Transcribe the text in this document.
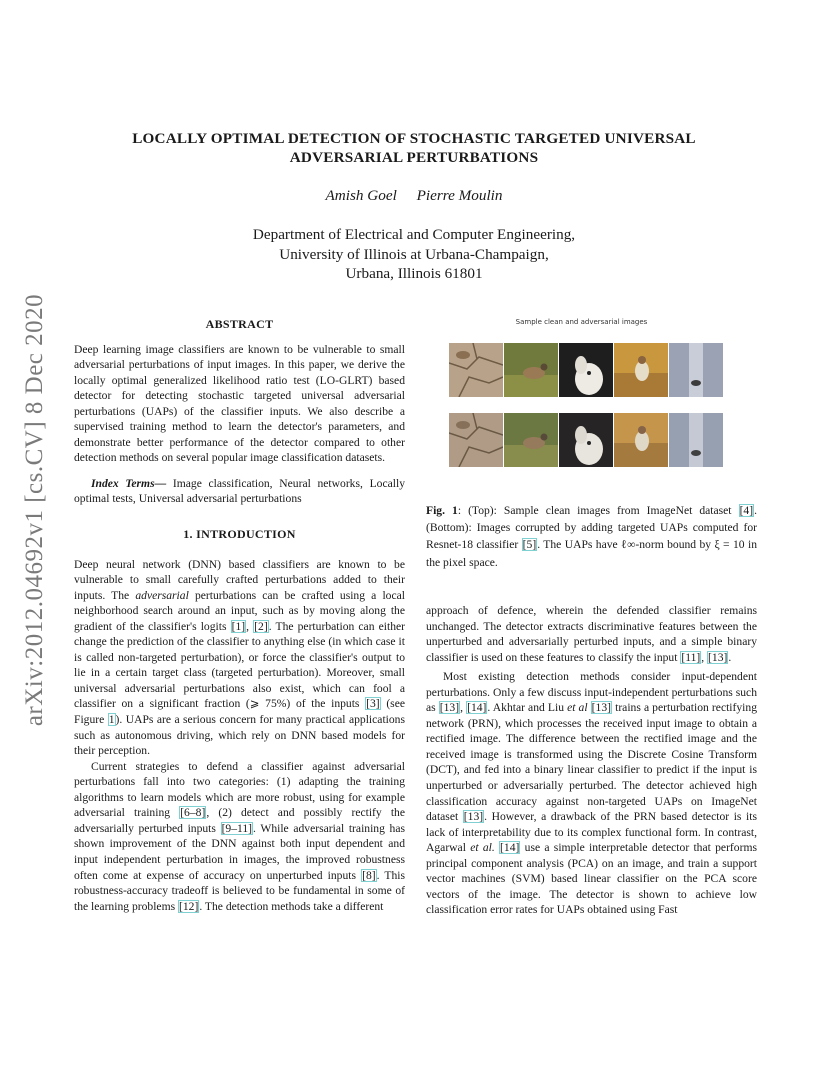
arXiv:2012.04692v1 [cs.CV] 8 Dec 2020
LOCALLY OPTIMAL DETECTION OF STOCHASTIC TARGETED UNIVERSAL
ADVERSARIAL PERTURBATIONS
Amish Goel Pierre Moulin
Department of Electrical and Computer Engineering,
University of Illinois at Urbana-Champaign,
Urbana, Illinois 61801
ABSTRACT

Deep learning image classifiers are known to be vulnerable to small adversarial perturbations of input images. In this paper, we derive the locally optimal generalized likelihood ratio test (LO-GLRT) based detector for detecting stochastic targeted universal adversarial perturbations (UAPs) of the classifier inputs. We also describe a supervised training method to learn the detector's parameters, and demonstrate better performance of the detector compared to other detection methods on several popular image classification datasets.

Index Terms— Image classification, Neural networks, Locally optimal tests, Universal adversarial perturbations

1. INTRODUCTION

Deep neural network (DNN) based classifiers are known to be vulnerable to small carefully crafted perturbations added to their inputs. The adversarial perturbations can be crafted using a local neighborhood search around an input, such as by moving along the gradient of the classifier's logits [1], [2]. The perturbation can either change the prediction of the classifier to anything else (in which case it is called non-targeted perturbation), or force the classifier's output to lie in a certain target class (targeted perturbation). Moreover, small universal adversarial perturbations also exist, which can fool a classifier on a significant fraction (⩾ 75%) of the inputs [3] (see Figure 1). UAPs are a serious concern for many practical applications such as autonomous driving, which rely on DNN based models for their perception.

Current strategies to defend a classifier against adversarial perturbations fall into two categories: (1) adapting the training algorithms to learn models which are more robust, using for example adversarial training [6–8], (2) detect and possibly rectify the adversarially perturbed inputs [9–11]. While adversarial training has shown improvement of the DNN against both input dependent and input independent perturbation in images, the improved robustness often come at expense of accuracy on unperturbed inputs [8]. This robustness-accuracy tradeoff is believed to be fundamental in some of the learning problems [12]. The detection methods take a different

Sample clean and adversarial images
Fig. 1: (Top): Sample clean images from ImageNet dataset [4]. (Bottom): Images corrupted by adding targeted UAPs computed for Resnet-18 classifier [5]. The UAPs have ℓ∞-norm bound by ξ = 10 in the pixel space.

approach of defence, wherein the defended classifier remains unchanged. The detector extracts discriminative features between the unperturbed and adversarially perturbed inputs, and a simple binary classifier is used on these features to classify the input [11], [13].

Most existing detection methods consider input-dependent perturbations. Only a few discuss input-independent perturbations such as [13], [14]. Akhtar and Liu et al [13] trains a perturbation rectifying network (PRN), which processes the received input image to obtain a rectified image. The difference between the rectified image and the received image is transformed using the Discrete Cosine Transform (DCT), and fed into a binary linear classifier to predict if the input is unperturbed or adversarially perturbed. The detector achieved high classification accuracy against non-targeted UAPs on ImageNet dataset [13]. However, a drawback of the PRN based detector is its lack of interpretability due to its complex functional form. In contrast, Agarwal et al. [14] use a simple interpretable detector that performs principal component analysis (PCA) on an image, and train a support vector machines (SVM) based linear classifier on the PCA score vectors of the image. The detector is shown to achieve low classification error rates for UAPs obtained using Fast
